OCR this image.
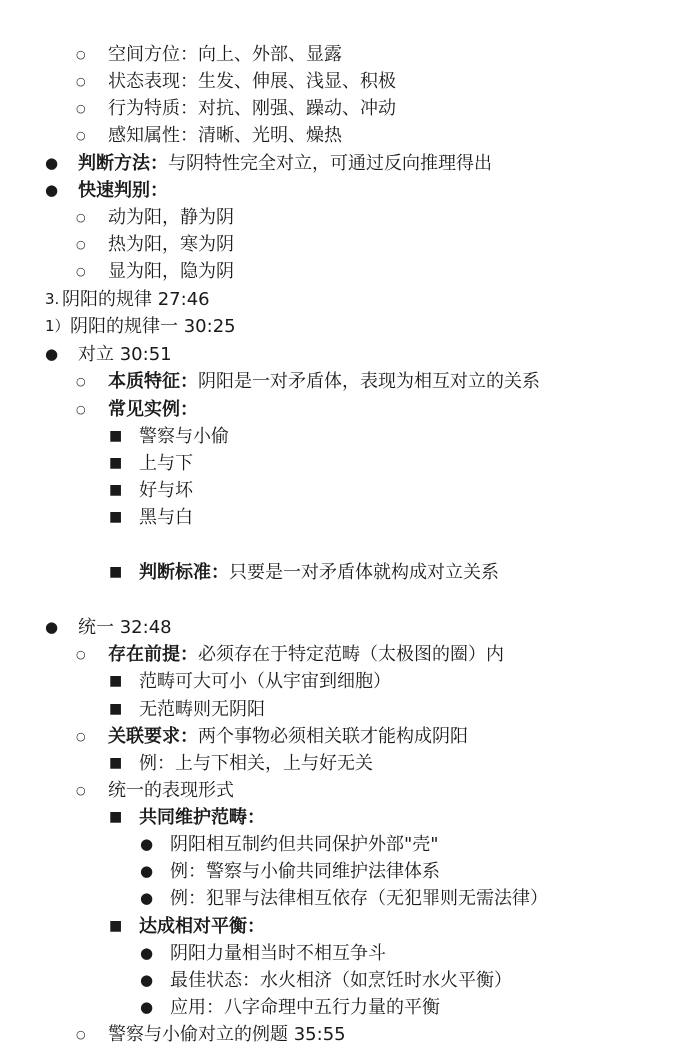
○ 空间方位：向上、外部、显露
○ 状态表现：生发、伸展、浅显、积极
○ 行为特质：对抗、刚强、躁动、冲动
○ 感知属性：清晰、光明、燥热
● 判断方法：与阴特性完全对立，可通过反向推理得出
● 快速判别：
○ 动为阳，静为阴
○ 热为阳，寒为阴
○ 显为阳，隐为阴
3. 阴阳的规律 27:46
1） 阴阳的规律一 30:25
● 对立 30:51
○ 本质特征：阴阳是一对矛盾体，表现为相互对立的关系
○ 常见实例：
■ 警察与小偷
■ 上与下
■ 好与坏
■ 黑与白
■ 判断标准：只要是一对矛盾体就构成对立关系
● 统一 32:48
○ 存在前提：必须存在于特定范畴（太极图的圈）内
■ 范畴可大可小（从宇宙到细胞）
■ 无范畴则无阴阳
○ 关联要求：两个事物必须相关联才能构成阴阳
■ 例：上与下相关，上与好无关
○ 统一的表现形式
■ 共同维护范畴：
● 阴阳相互制约但共同保护外部"壳"
● 例：警察与小偷共同维护法律体系
● 例：犯罪与法律相互依存（无犯罪则无需法律）
■ 达成相对平衡：
● 阴阳力量相当时不相互争斗
● 最佳状态：水火相济（如烹饪时水火平衡）
● 应用：八字命理中五行力量的平衡
○ 警察与小偷对立的例题 35:55
